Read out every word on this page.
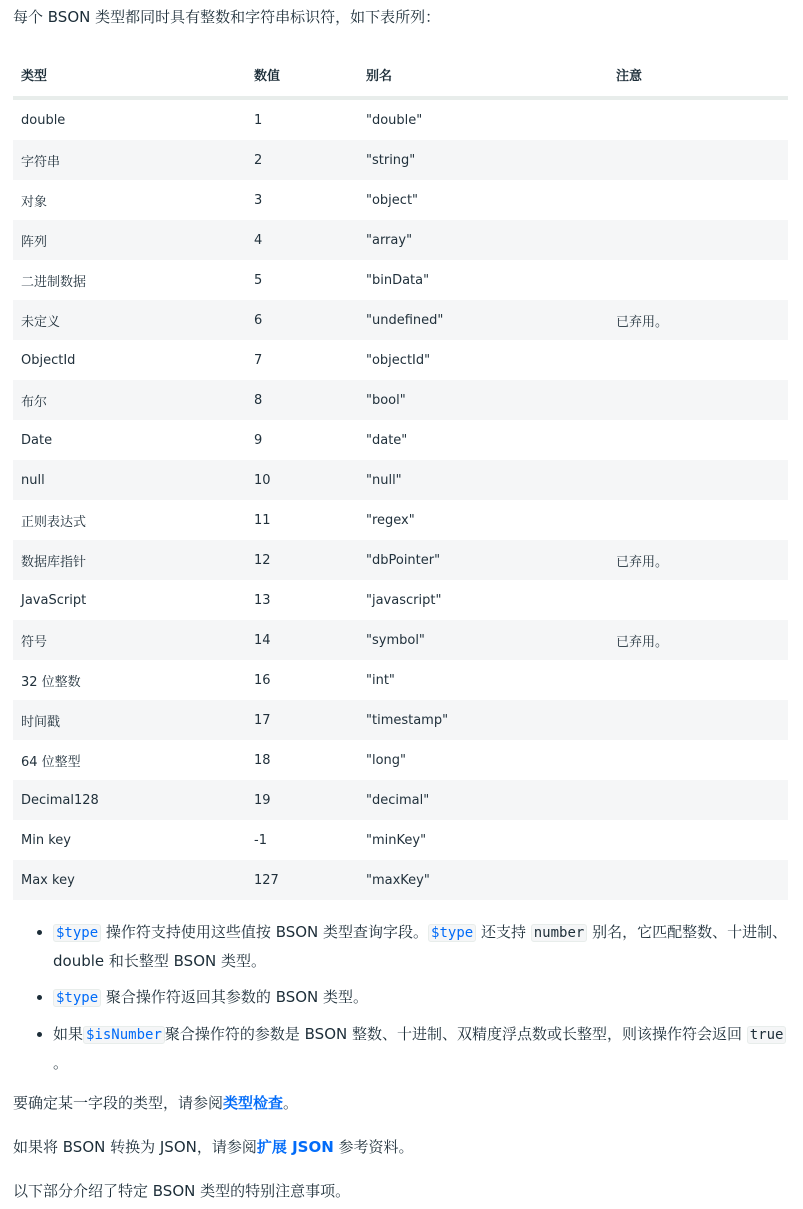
每个 BSON 类型都同时具有整数和字符串标识符，如下表所列：

类型	数值	别名	注意
double	1	"double"	
字符串	2	"string"	
对象	3	"object"	
阵列	4	"array"	
二进制数据	5	"binData"	
未定义	6	"undefined"	已弃用。
ObjectId	7	"objectId"	
布尔	8	"bool"	
Date	9	"date"	
null	10	"null"	
正则表达式	11	"regex"	
数据库指针	12	"dbPointer"	已弃用。
JavaScript	13	"javascript"	
符号	14	"symbol"	已弃用。
32 位整数	16	"int"	
时间戳	17	"timestamp"	
64 位整型	18	"long"	
Decimal128	19	"decimal"	
Min key	-1	"minKey"	
Max key	127	"maxKey"	
• $type 操作符支持使用这些值按 BSON 类型查询字段。 $type 还支持 number 别名，它匹配整数、十进制、double 和长整型 BSON 类型。
• $type 聚合操作符返回其参数的 BSON 类型。
• 如果 $isNumber 聚合操作符的参数是 BSON 整数、十进制、双精度浮点数或长整型，则该操作符会返回 true 。

要确定某一字段的类型，请参阅类型检查。

如果将 BSON 转换为 JSON，请参阅扩展 JSON 参考资料。

以下部分介绍了特定 BSON 类型的特别注意事项。
